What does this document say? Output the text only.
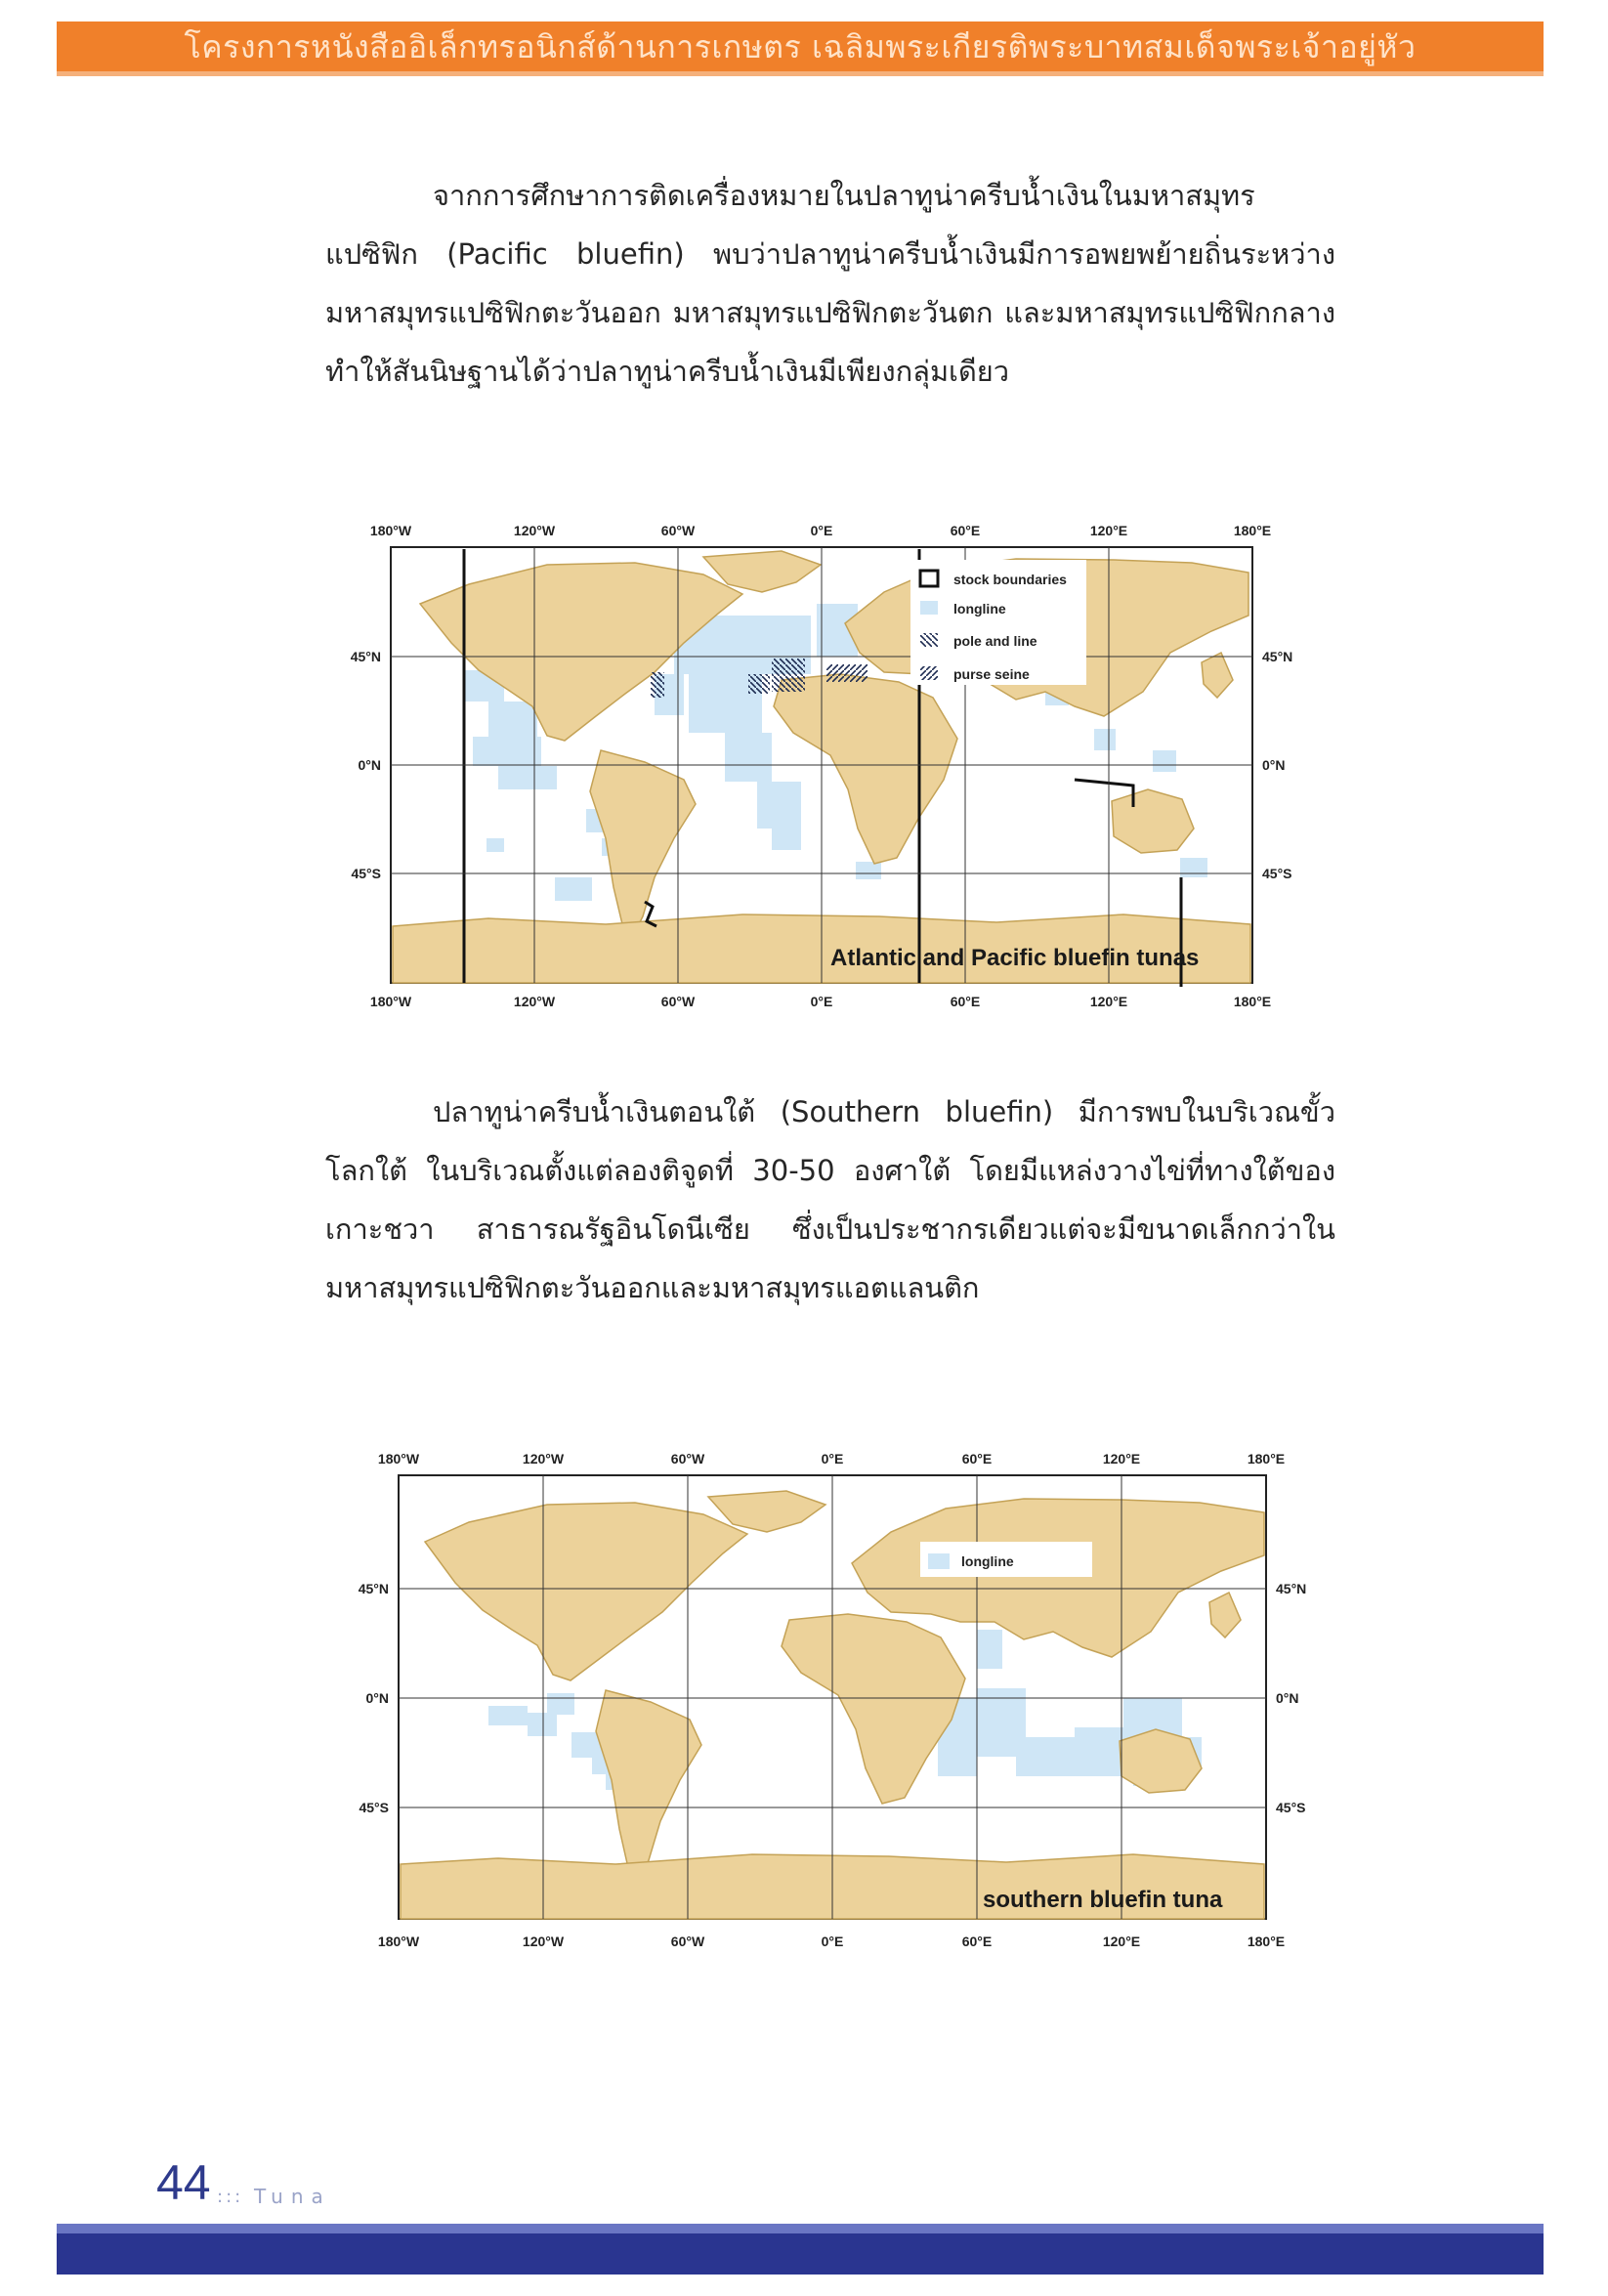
โครงการหนังสืออิเล็กทรอนิกส์ด้านการเกษตร เฉลิมพระเกียรติพระบาทสมเด็จพระเจ้าอยู่หัว

จากการศึกษาการติดเครื่องหมายในปลาทูน่าครีบน้ำเงินในมหาสมุทรแปซิฟิก (Pacific bluefin) พบว่าปลาทูน่าครีบน้ำเงินมีการอพยพย้ายถิ่นระหว่างมหาสมุทรแปซิฟิกตะวันออก มหาสมุทรแปซิฟิกตะวันตก และมหาสมุทรแปซิฟิกกลาง ทำให้สันนิษฐานได้ว่าปลาทูน่าครีบน้ำเงินมีเพียงกลุ่มเดียว

stock boundaries
longline
pole and line
purse seine
Atlantic and Pacific bluefin tunas
180°W	120°W	60°W	0°E	60°E	120°E	180°E
180°W	120°W	60°W	0°E	60°E	120°E	180°E
45°N
0°N
45°S
45°N
0°N
45°S

ปลาทูน่าครีบน้ำเงินตอนใต้ (Southern bluefin) มีการพบในบริเวณขั้วโลกใต้ ในบริเวณตั้งแต่ลองติจูดที่ 30-50 องศาใต้ โดยมีแหล่งวางไข่ที่ทางใต้ของเกาะชวา สาธารณรัฐอินโดนีเซีย ซึ่งเป็นประชากรเดียวแต่จะมีขนาดเล็กกว่าในมหาสมุทรแปซิฟิกตะวันออกและมหาสมุทรแอตแลนติก

longline
southern bluefin tuna
180°W	120°W	60°W	0°E	60°E	120°E	180°E
180°W	120°W	60°W	0°E	60°E	120°E	180°E
45°N
0°N
45°S
45°N
0°N
45°S
44 ::: Tuna
